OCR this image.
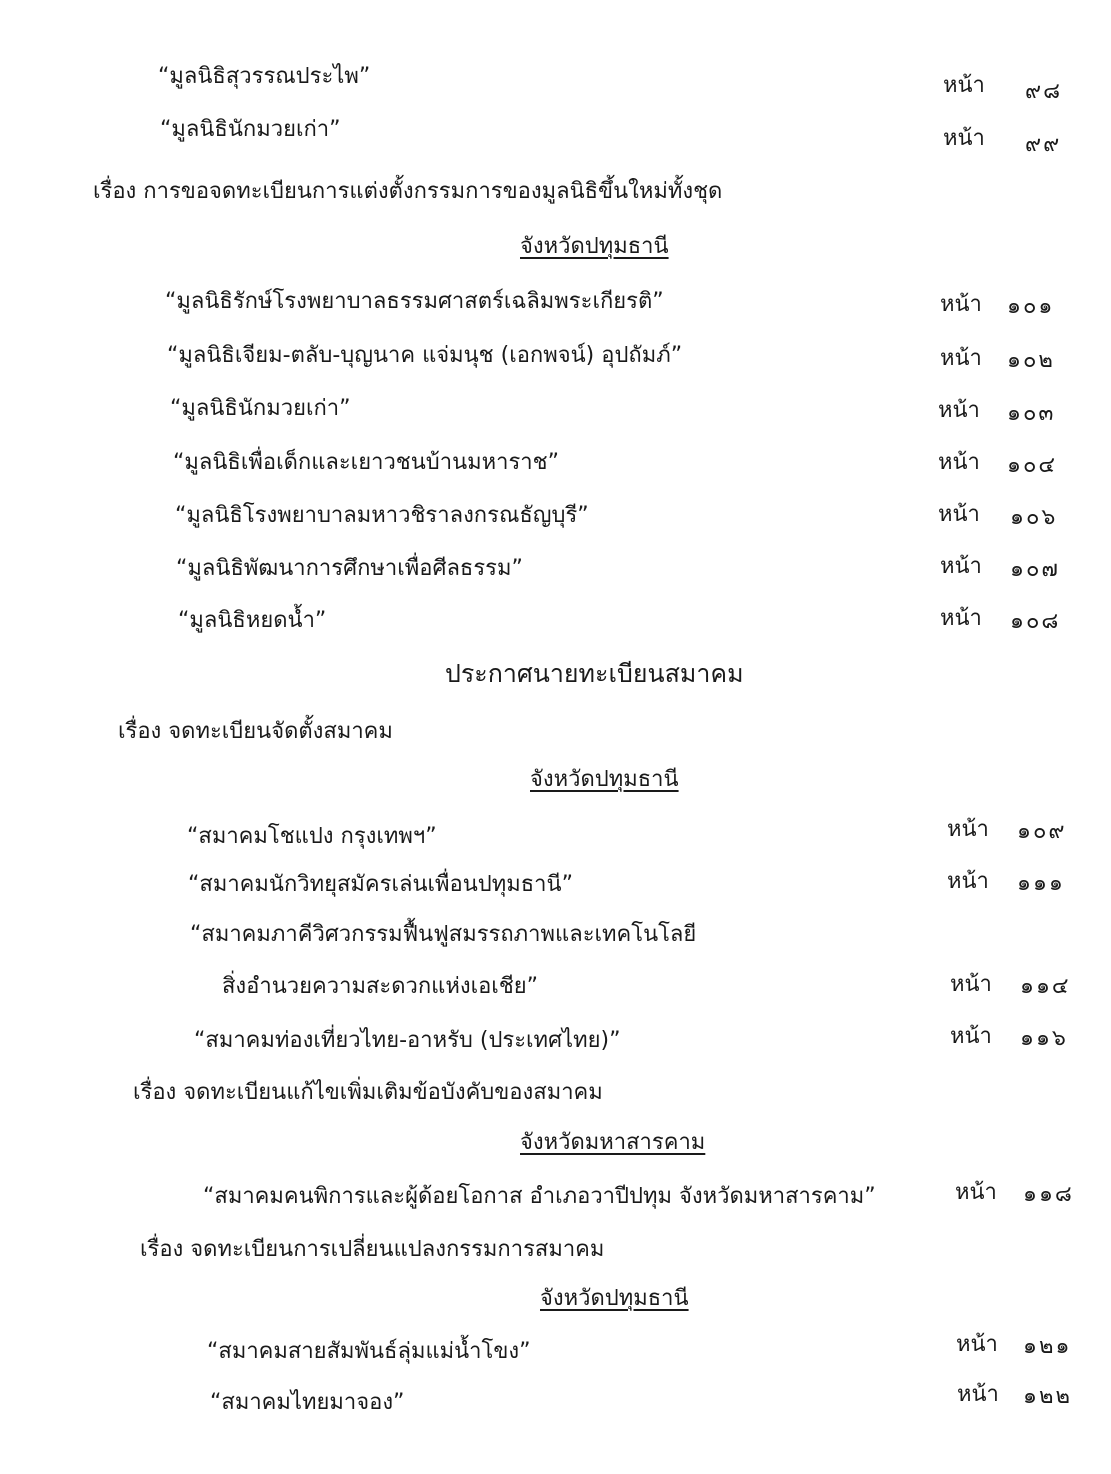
“มูลนิธิสุวรรณประไพ”	หน้า ๙๘
“มูลนิธินักมวยเก่า”	หน้า ๙๙
เรื่อง การขอจดทะเบียนการแต่งตั้งกรรมการของมูลนิธิขึ้นใหม่ทั้งชุด
จังหวัดปทุมธานี
“มูลนิธิรักษ์โรงพยาบาลธรรมศาสตร์เฉลิมพระเกียรติ”	หน้า ๑๐๑
“มูลนิธิเจียม-ตลับ-บุญนาค แจ่มนุช (เอกพจน์) อุปถัมภ์”	หน้า ๑๐๒
“มูลนิธินักมวยเก่า”	หน้า ๑๐๓
“มูลนิธิเพื่อเด็กและเยาวชนบ้านมหาราช”	หน้า ๑๐๔
“มูลนิธิโรงพยาบาลมหาวชิราลงกรณธัญบุรี”	หน้า ๑๐๖
“มูลนิธิพัฒนาการศึกษาเพื่อศีลธรรม”	หน้า ๑๐๗
“มูลนิธิหยดน้ำ”	หน้า ๑๐๘
ประกาศนายทะเบียนสมาคม
เรื่อง จดทะเบียนจัดตั้งสมาคม
จังหวัดปทุมธานี
“สมาคมโชแปง กรุงเทพฯ”	หน้า ๑๐๙
“สมาคมนักวิทยุสมัครเล่นเพื่อนปทุมธานี”	หน้า ๑๑๑
“สมาคมภาคีวิศวกรรมฟื้นฟูสมรรถภาพและเทคโนโลยี
สิ่งอำนวยความสะดวกแห่งเอเชีย”	หน้า ๑๑๔
“สมาคมท่องเที่ยวไทย-อาหรับ (ประเทศไทย)”	หน้า ๑๑๖
เรื่อง จดทะเบียนแก้ไขเพิ่มเติมข้อบังคับของสมาคม
จังหวัดมหาสารคาม
“สมาคมคนพิการและผู้ด้อยโอกาส อำเภอวาปีปทุม จังหวัดมหาสารคาม”	หน้า ๑๑๘
เรื่อง จดทะเบียนการเปลี่ยนแปลงกรรมการสมาคม
จังหวัดปทุมธานี
“สมาคมสายสัมพันธ์ลุ่มแม่น้ำโขง”	หน้า ๑๒๑
“สมาคมไทยมาจอง”	หน้า ๑๒๒
